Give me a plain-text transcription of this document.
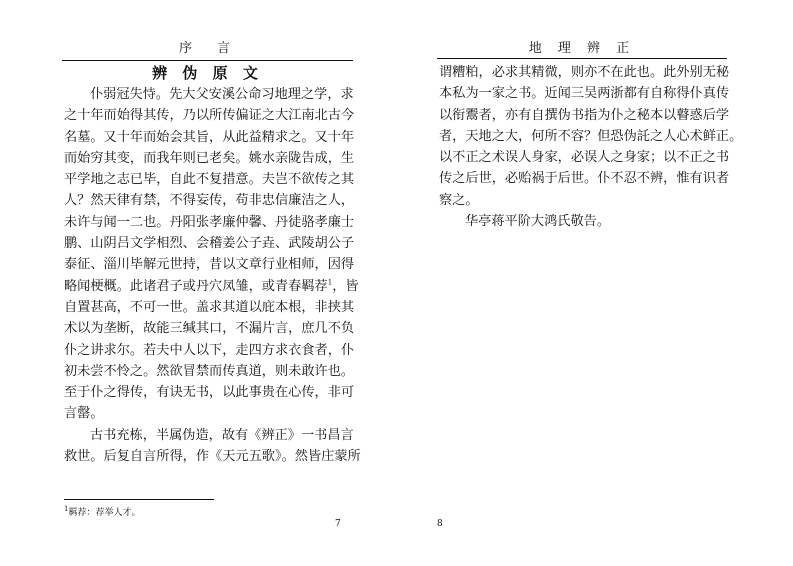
序　言
辨 伪 原 文
仆弱冠失恃。先大父安溪公命习地理之学，求
之十年而始得其传，乃以所传偏证之大江南北古今
名墓。又十年而始会其旨，从此益精求之。又十年
而始穷其变，而我年则已老矣。姚水亲陇告成，生
平学地之志已毕，自此不复措意。夫岂不欲传之其
人？然天律有禁，不得妄传，苟非忠信廉洁之人，
未许与闻一二也。丹阳张孝廉仲馨、丹徒骆孝廉士
鹏、山阴吕文学相烈、会稽姜公子垚、武陵胡公子
泰征、淄川毕解元世持，昔以文章行业相师，因得
略闻梗概。此诸君子或丹穴凤雏，或青春羁荐$^1$，皆
自置甚高，不可一世。盖求其道以庇本根，非挟其
术以为垄断，故能三缄其口，不漏片言，庶几不负
仆之讲求尔。若夫中人以下，走四方求衣食者，仆
初未尝不怜之。然欲冒禁而传真道，则未敢许也。
至于仆之得传，有诀无书，以此事贵在心传，非可
言罄。
古书充栋，半属伪造，故有《辨正》一书昌言
救世。后复自言所得，作《天元五歌》。然皆庄蒙所
$^1$羁荐：荐举人才。
7
地 理 辨 正
谓糟粕，必求其精微，则亦不在此也。此外别无秘
本私为一家之书。近闻三吴两浙都有自称得仆真传
以衔鬻者，亦有自撰伪书指为仆之秘本以瞽惑后学
者，天地之大，何所不容？但恐伪託之人心术鲜正。
以不正之术误人身家，必误人之身家；以不正之书
传之后世，必贻祸于后世。仆不忍不辨，惟有识者
察之。
华亭蒋平阶大鸿氏敬告。
8
